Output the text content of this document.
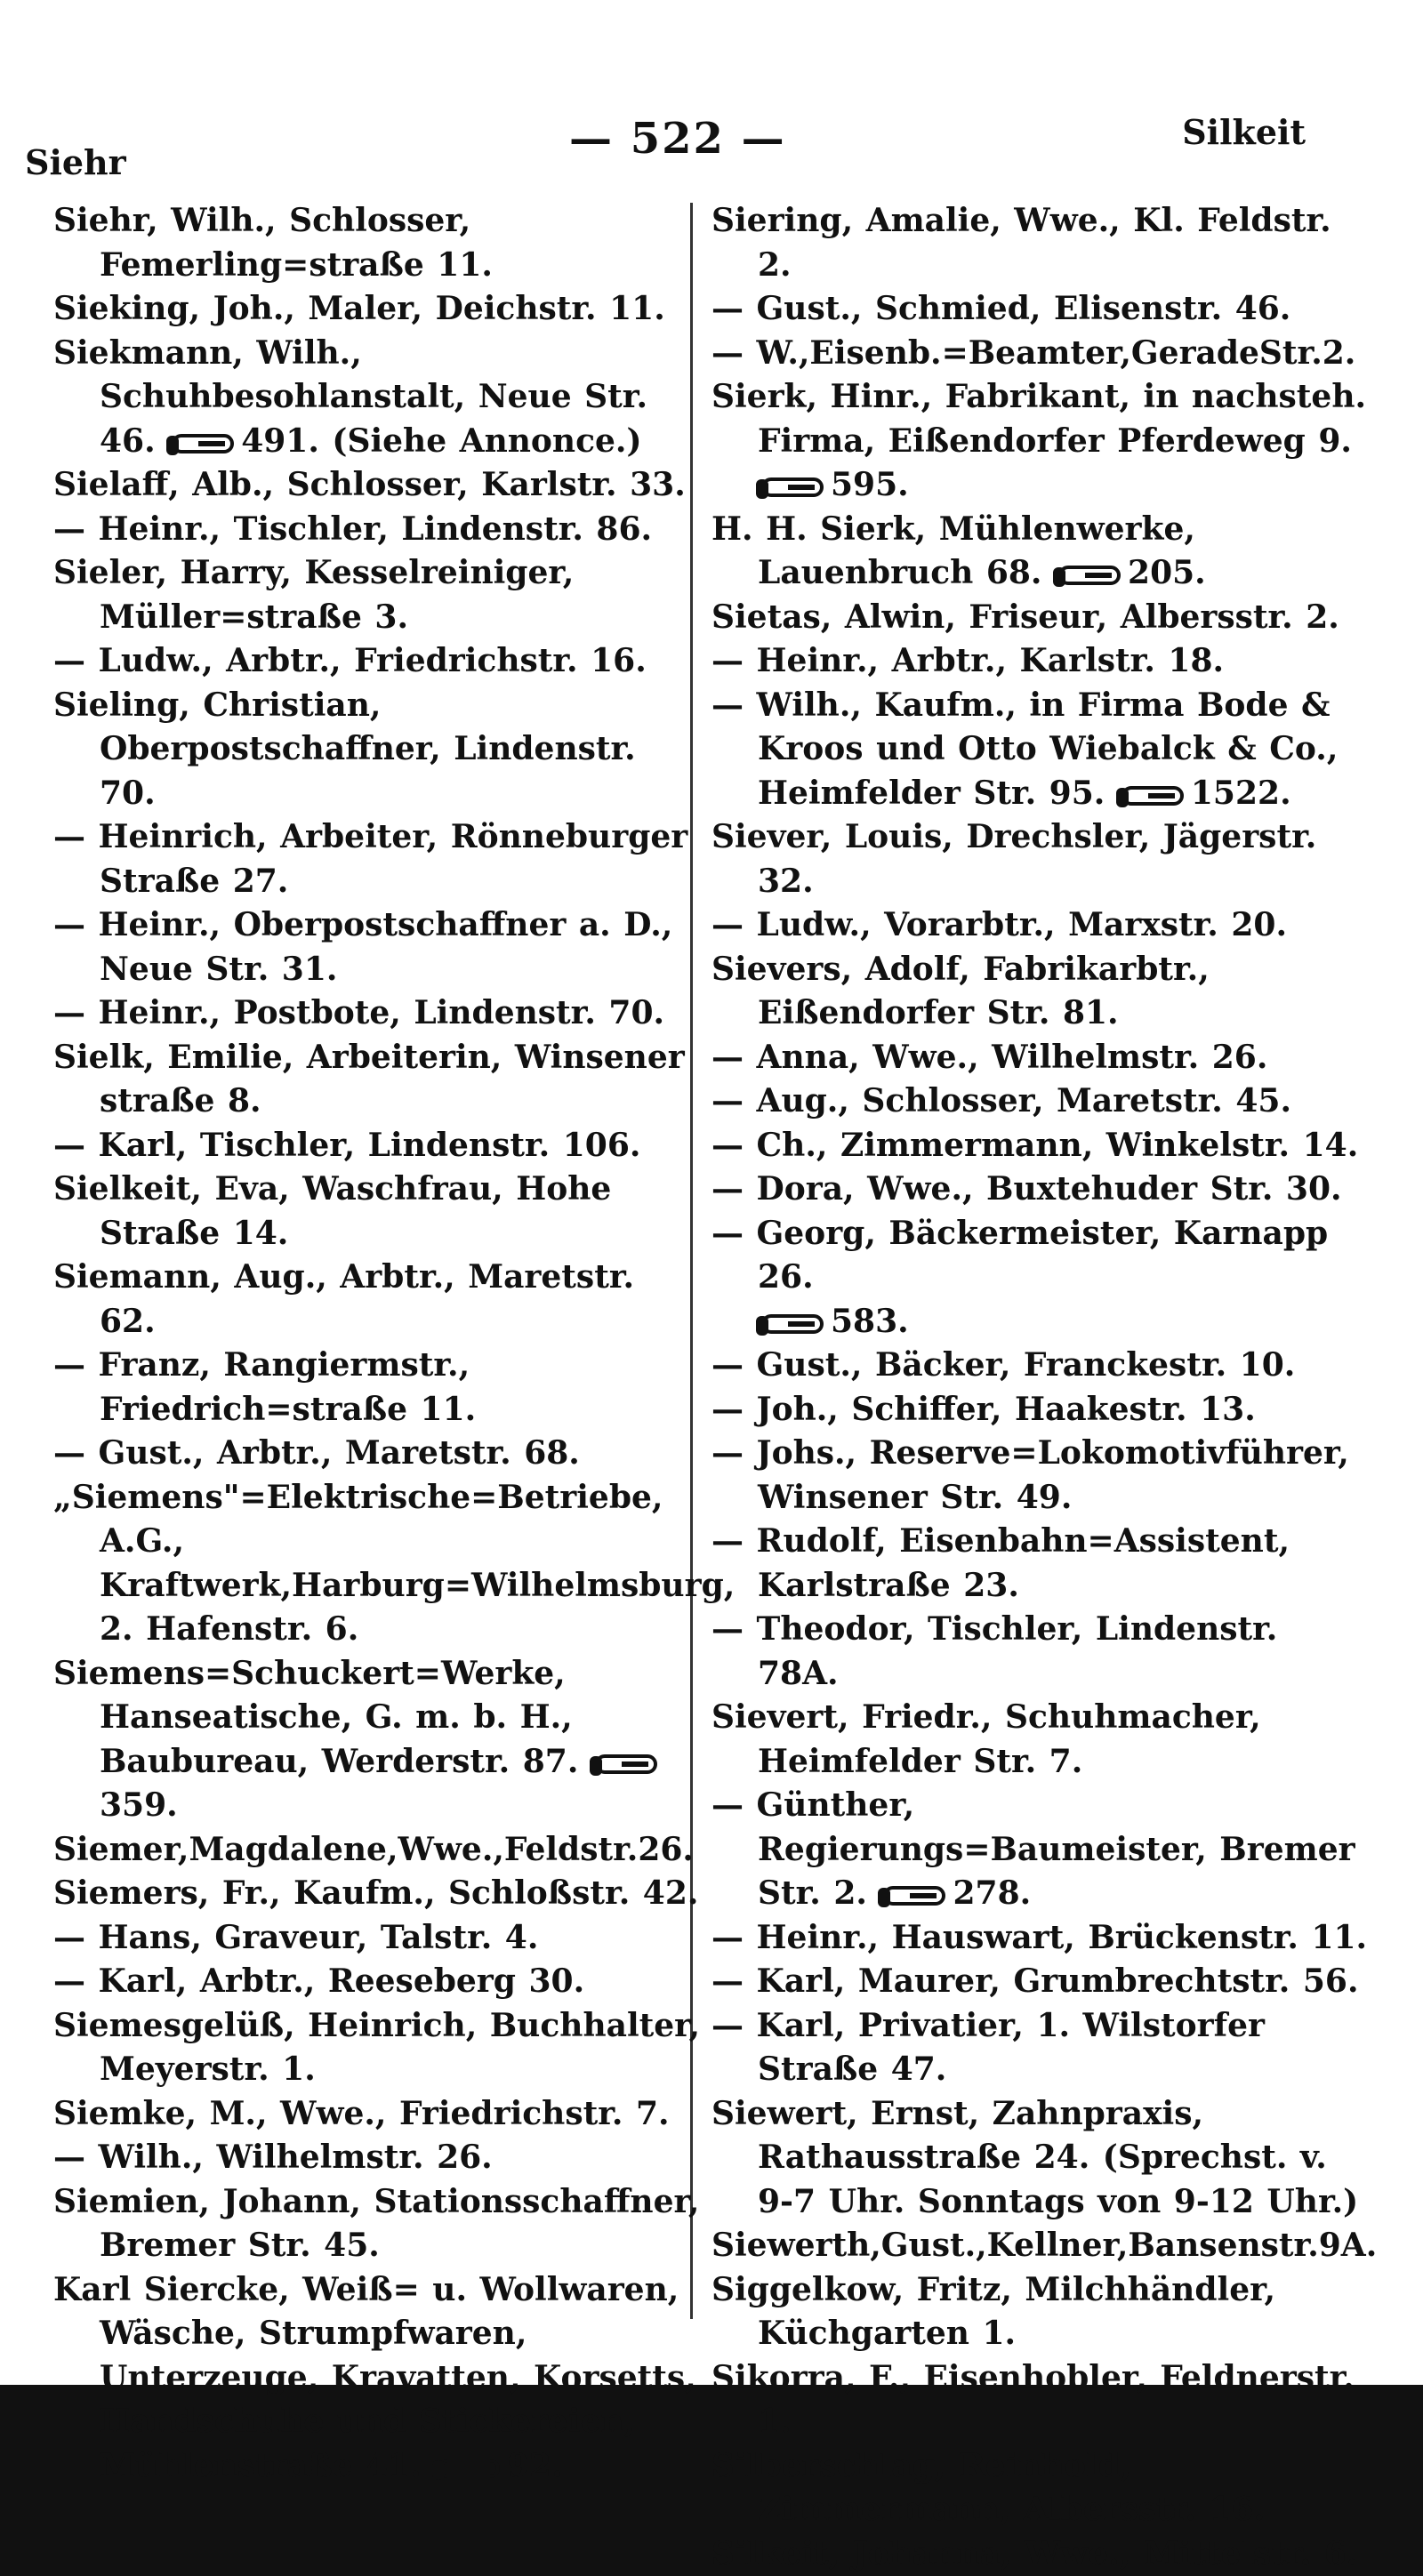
Siehr	— 522 —	Silkeit

Siehr, Wilh., Schlosser, Femerling=straße 11.

Sieking, Joh., Maler, Deichstr. 11.

Siekmann, Wilh., Schuhbesohlanstalt, Neue Str. 46.	491. (Siehe Annonce.)

Sielaff, Alb., Schlosser, Karlstr. 33.

— Heinr., Tischler, Lindenstr. 86.

Sieler, Harry, Kesselreiniger, Müller=straße 3.

— Ludw., Arbtr., Friedrichstr. 16.

Sieling, Christian, Oberpostschaffner, Lindenstr. 70.

— Heinrich, Arbeiter, Rönneburger Straße 27.

— Heinr., Oberpostschaffner a. D., Neue Str. 31.

— Heinr., Postbote, Lindenstr. 70.

Sielk, Emilie, Arbeiterin, Winsener straße 8.

— Karl, Tischler, Lindenstr. 106.

Sielkeit, Eva, Waschfrau, Hohe Straße 14.

Siemann, Aug., Arbtr., Maretstr. 62.

— Franz, Rangiermstr., Friedrich=straße 11.

— Gust., Arbtr., Maretstr. 68.

„Siemens"=Elektrische=Betriebe, A.G., Kraftwerk,Harburg=Wilhelmsburg, 2. Hafenstr. 6.

Siemens=Schuckert=Werke, Hanseatische, G. m. b. H., Baubureau, Werderstr. 87. 359.

Siemer,Magdalene,Wwe.,Feldstr.26.

Siemers, Fr., Kaufm., Schloßstr. 42.

— Hans, Graveur, Talstr. 4.

— Karl, Arbtr., Reeseberg 30.

Siemesgelüß, Heinrich, Buchhalter, Meyerstr. 1.

Siemke, M., Wwe., Friedrichstr. 7.

— Wilh., Wilhelmstr. 26.

Siemien, Johann, Stationsschaffner, Bremer Str. 45.

Karl Siercke, Weiß= u. Wollwaren, Wäsche, Strumpfwaren, Unterzeuge, Kravatten, Korsetts, Handschuhe und Stickereien, Mühlenstraße 41.	92.

Siering, Amalie, Wwe., Kl. Feldstr. 2.

— Gust., Schmied, Elisenstr. 46.

— W.,Eisenb.=Beamter,GeradeStr.2.

Sierk, Hinr., Fabrikant, in nachsteh. Firma, Eißendorfer Pferdeweg 9.
595.

H. H. Sierk, Mühlenwerke, Lauenbruch 68.	205.

Sietas, Alwin, Friseur, Albersstr. 2.

— Heinr., Arbtr., Karlstr. 18.

— Wilh., Kaufm., in Firma Bode & Kroos und Otto Wiebalck & Co., Heimfelder Str. 95.	1522.

Siever, Louis, Drechsler, Jägerstr. 32.

— Ludw., Vorarbtr., Marxstr. 20.

Sievers, Adolf, Fabrikarbtr., Eißendorfer Str. 81.

— Anna, Wwe., Wilhelmstr. 26.

— Aug., Schlosser, Maretstr. 45.

— Ch., Zimmermann, Winkelstr. 14.

— Dora, Wwe., Buxtehuder Str. 30.

— Georg, Bäckermeister, Karnapp 26.
583.

— Gust., Bäcker, Franckestr. 10.

— Joh., Schiffer, Haakestr. 13.

— Johs., Reserve=Lokomotivführer, Winsener Str. 49.

— Rudolf, Eisenbahn=Assistent, Karlstraße 23.

— Theodor, Tischler, Lindenstr. 78A.

Sievert, Friedr., Schuhmacher, Heimfelder Str. 7.

— Günther, Regierungs=Baumeister, Bremer Str. 2.	278.

— Heinr., Hauswart, Brückenstr. 11.

— Karl, Maurer, Grumbrechtstr. 56.

— Karl, Privatier, 1. Wilstorfer Straße 47.

Siewert, Ernst, Zahnpraxis, Rathausstraße 24. (Sprechst. v. 9-7 Uhr. Sonntags von 9-12 Uhr.)

Siewerth,Gust.,Kellner,Bansenstr.9A.

Siggelkow, Fritz, Milchhändler, Küchgarten 1.

Sikorra, F., Eisenhobler, Feldnerstr. 1.

Silberschlag, Reinhold, Zimmermann, Albersstr. 16.

Silkeit, Johanna, Wwe., Mittelstr. 6.
